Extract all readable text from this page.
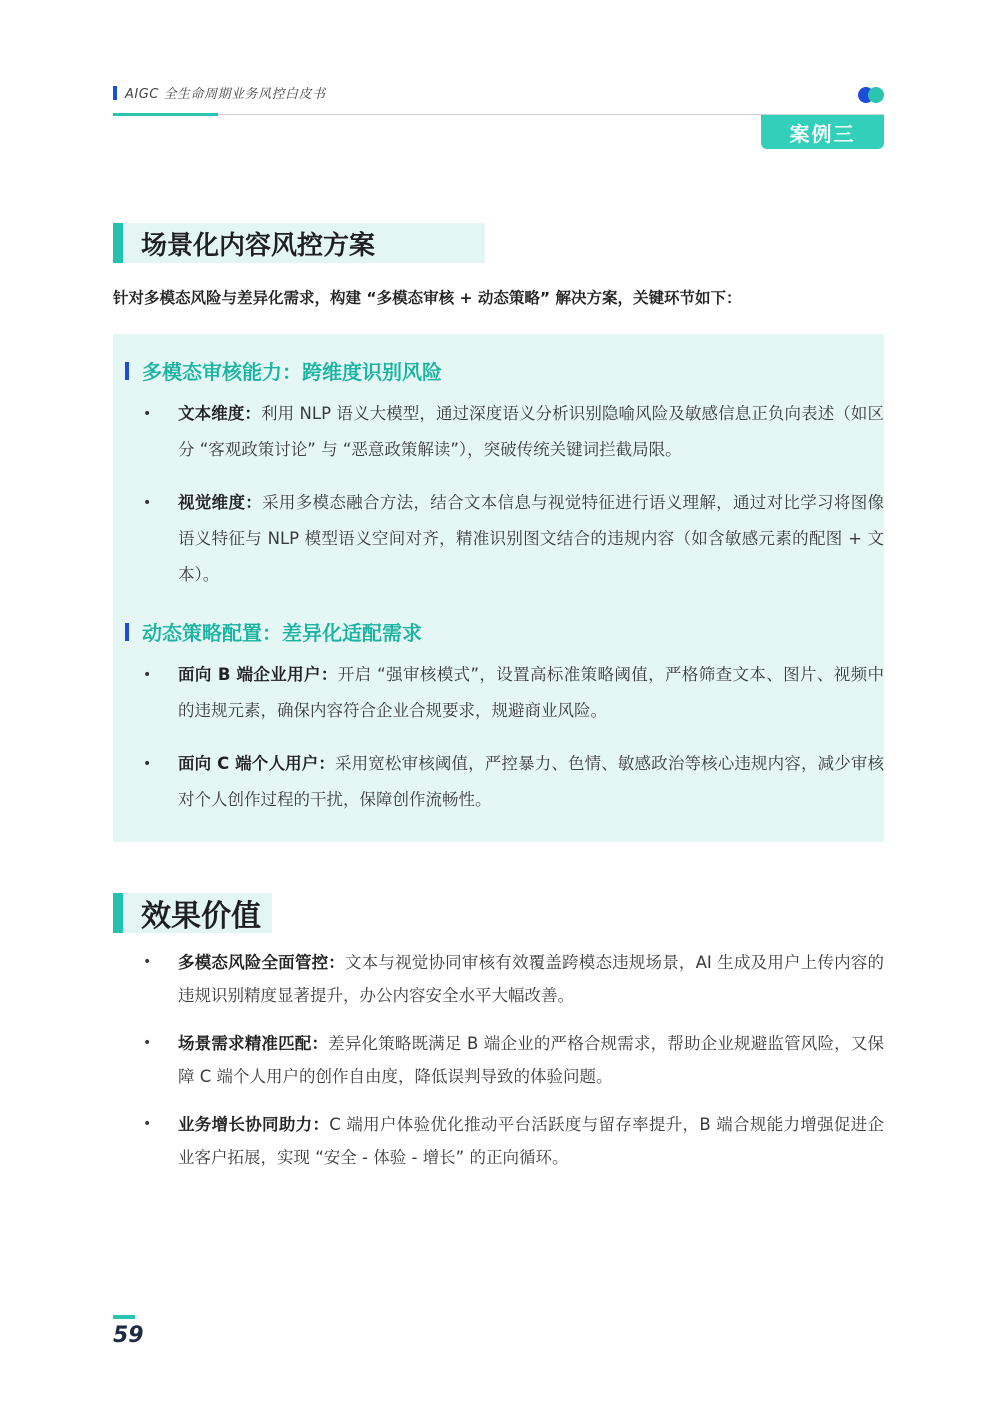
AIGC 全生命周期业务风控白皮书
案例三
场景化内容风控方案
针对多模态风险与差异化需求，构建 “多模态审核 + 动态策略” 解决方案，关键环节如下：
多模态审核能力：跨维度识别风险
• 文本维度：利用 NLP 语义大模型，通过深度语义分析识别隐喻风险及敏感信息正负向表述（如区分 “客观政策讨论” 与 “恶意政策解读”），突破传统关键词拦截局限。
• 视觉维度：采用多模态融合方法，结合文本信息与视觉特征进行语义理解，通过对比学习将图像语义特征与 NLP 模型语义空间对齐，精准识别图文结合的违规内容（如含敏感元素的配图 + 文本）。
动态策略配置：差异化适配需求
• 面向 B 端企业用户：开启 “强审核模式”，设置高标准策略阈值，严格筛查文本、图片、视频中的违规元素，确保内容符合企业合规要求，规避商业风险。
• 面向 C 端个人用户：采用宽松审核阈值，严控暴力、色情、敏感政治等核心违规内容，减少审核对个人创作过程的干扰，保障创作流畅性。
效果价值
• 多模态风险全面管控：文本与视觉协同审核有效覆盖跨模态违规场景，AI 生成及用户上传内容的违规识别精度显著提升，办公内容安全水平大幅改善。
• 场景需求精准匹配：差异化策略既满足 B 端企业的严格合规需求，帮助企业规避监管风险，又保障 C 端个人用户的创作自由度，降低误判导致的体验问题。
• 业务增长协同助力：C 端用户体验优化推动平台活跃度与留存率提升，B 端合规能力增强促进企业客户拓展，实现 “安全 - 体验 - 增长” 的正向循环。
59
